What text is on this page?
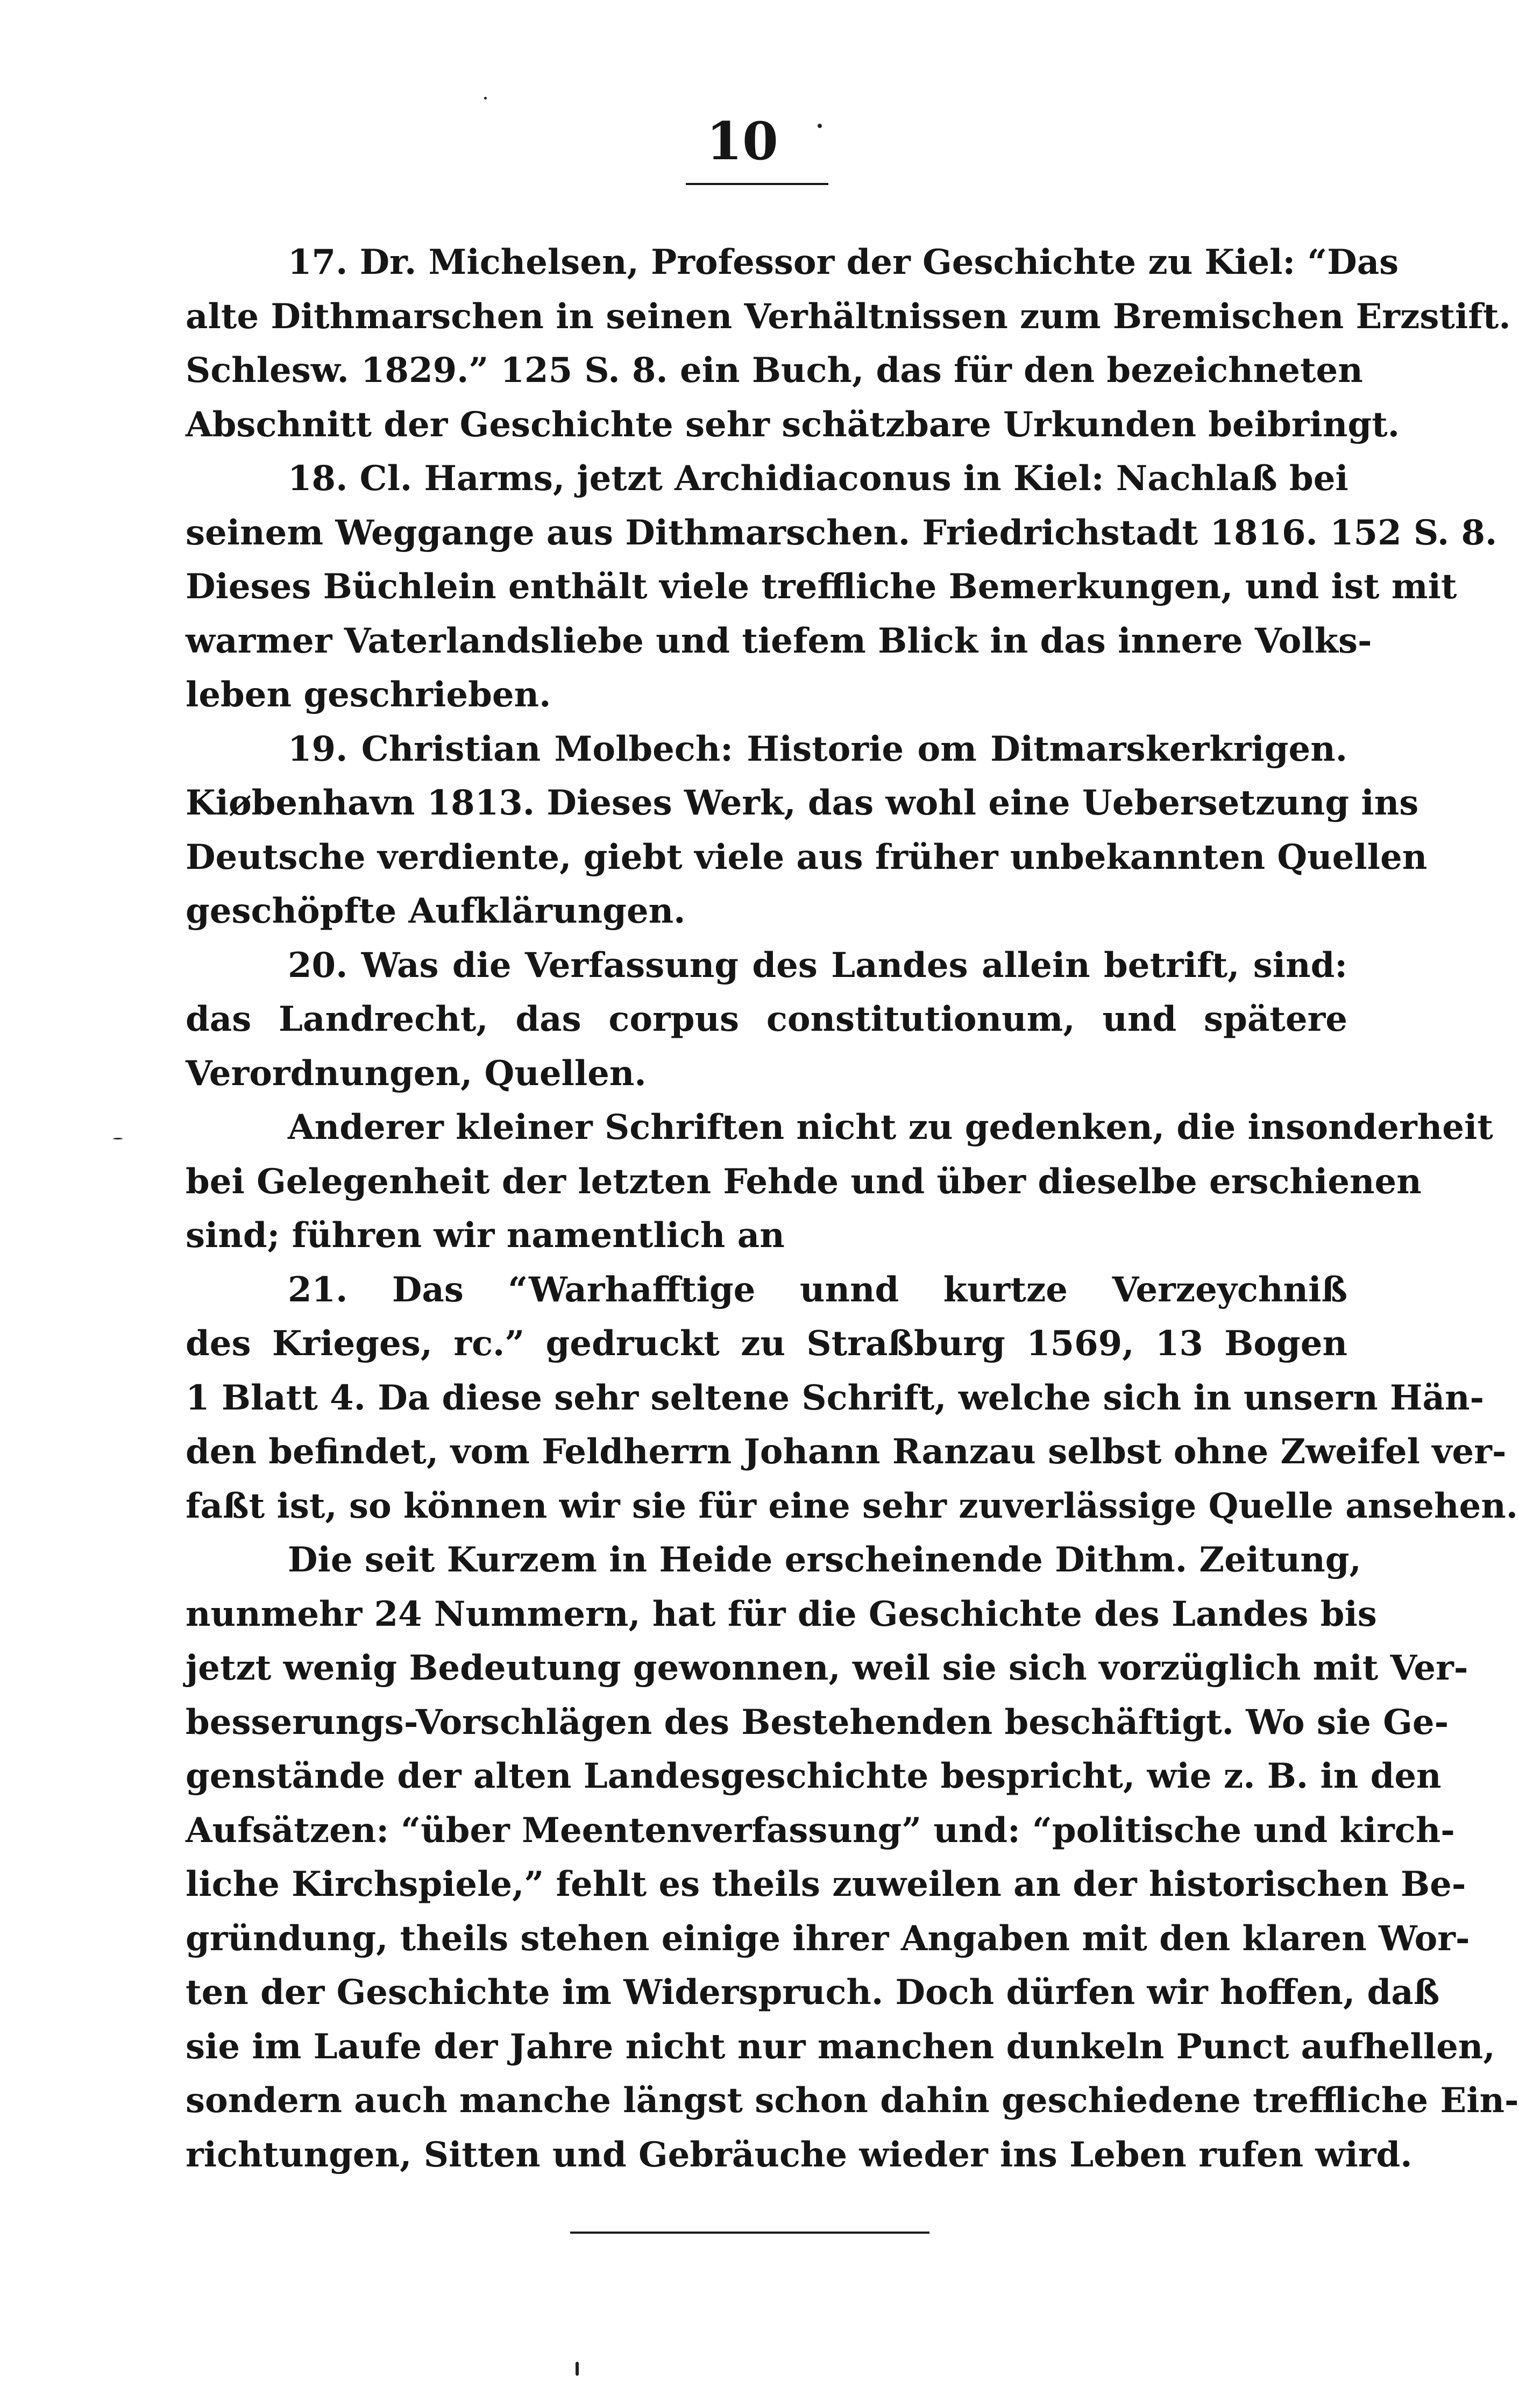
10
17. Dr. Michelsen, Professor der Geschichte zu Kiel: “Das
alte Dithmarschen in seinen Verhältnissen zum Bremischen Erzstift.
Schlesw. 1829.” 125 S. 8. ein Buch, das für den bezeichneten
Abschnitt der Geschichte sehr schätzbare Urkunden beibringt.
18. Cl. Harms, jetzt Archidiaconus in Kiel: Nachlaß bei
seinem Weggange aus Dithmarschen. Friedrichstadt 1816. 152 S. 8.
Dieses Büchlein enthält viele treffliche Bemerkungen, und ist mit
warmer Vaterlandsliebe und tiefem Blick in das innere Volks-
leben geschrieben.
19. Christian Molbech: Historie om Ditmarskerkrigen.
Kiøbenhavn 1813. Dieses Werk, das wohl eine Uebersetzung ins
Deutsche verdiente, giebt viele aus früher unbekannten Quellen
geschöpfte Aufklärungen.
20. Was die Verfassung des Landes allein betrift, sind:
das Landrecht, das corpus constitutionum, und spätere
Verordnungen, Quellen.
Anderer kleiner Schriften nicht zu gedenken, die insonderheit
bei Gelegenheit der letzten Fehde und über dieselbe erschienen
sind; führen wir namentlich an
21. Das “Warhafftige unnd kurtze Verzeychniß
des Krieges, rc.” gedruckt zu Straßburg 1569, 13 Bogen
1 Blatt 4. Da diese sehr seltene Schrift, welche sich in unsern Hän-
den befindet, vom Feldherrn Johann Ranzau selbst ohne Zweifel ver-
faßt ist, so können wir sie für eine sehr zuverlässige Quelle ansehen.
Die seit Kurzem in Heide erscheinende Dithm. Zeitung,
nunmehr 24 Nummern, hat für die Geschichte des Landes bis
jetzt wenig Bedeutung gewonnen, weil sie sich vorzüglich mit Ver-
besserungs-Vorschlägen des Bestehenden beschäftigt. Wo sie Ge-
genstände der alten Landesgeschichte bespricht, wie z. B. in den
Aufsätzen: “über Meentenverfassung” und: “politische und kirch-
liche Kirchspiele,” fehlt es theils zuweilen an der historischen Be-
gründung, theils stehen einige ihrer Angaben mit den klaren Wor-
ten der Geschichte im Widerspruch. Doch dürfen wir hoffen, daß
sie im Laufe der Jahre nicht nur manchen dunkeln Punct aufhellen,
sondern auch manche längst schon dahin geschiedene treffliche Ein-
richtungen, Sitten und Gebräuche wieder ins Leben rufen wird.
